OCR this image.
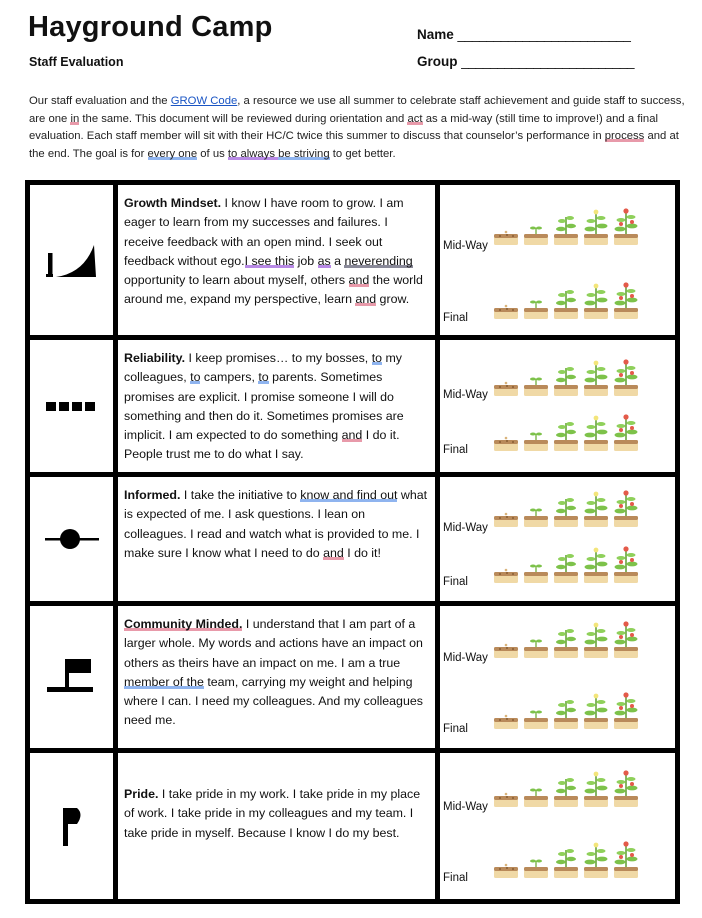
Hayground Camp
Staff Evaluation
Name ________________________
Group ________________________
Our staff evaluation and the GROW Code, a resource we use all summer to celebrate staff achievement and guide staff to success, are one in the same. This document will be reviewed during orientation and act as a mid-way (still time to improve!) and a final evaluation. Each staff member will sit with their HC/C twice this summer to discuss that counselor’s performance in process and at the end. The goal is for every one of us to always be striving to get better.

Growth Mindset. I know I have room to grow. I am eager to learn from my successes and failures. I receive feedback with an open mind. I seek out feedback without ego.I see this job as a neverending opportunity to learn about myself, others and the world around me, expand my perspective, learn and grow.	Mid-Way
Final

Reliability. I keep promises… to my bosses, to my colleagues, to campers, to parents. Sometimes promises are explicit. I promise someone I will do something and then do it. Sometimes promises are implicit. I am expected to do something and I do it. People trust me to do what I say.	Mid-Way
Final

Informed. I take the initiative to know and find out what is expected of me. I ask questions. I lean on colleagues. I read and watch what is provided to me. I make sure I know what I need to do and I do it!	Mid-Way
Final

Community Minded. I understand that I am part of a larger whole. My words and actions have an impact on others as theirs have an impact on me. I am a true member of the team, carrying my weight and helping where I can. I need my colleagues. And my colleagues need me.	Mid-Way
Final

Pride. I take pride in my work. I take pride in my place of work. I take pride in my colleagues and my team. I take pride in myself. Because I know I do my best.	Mid-Way
Final
